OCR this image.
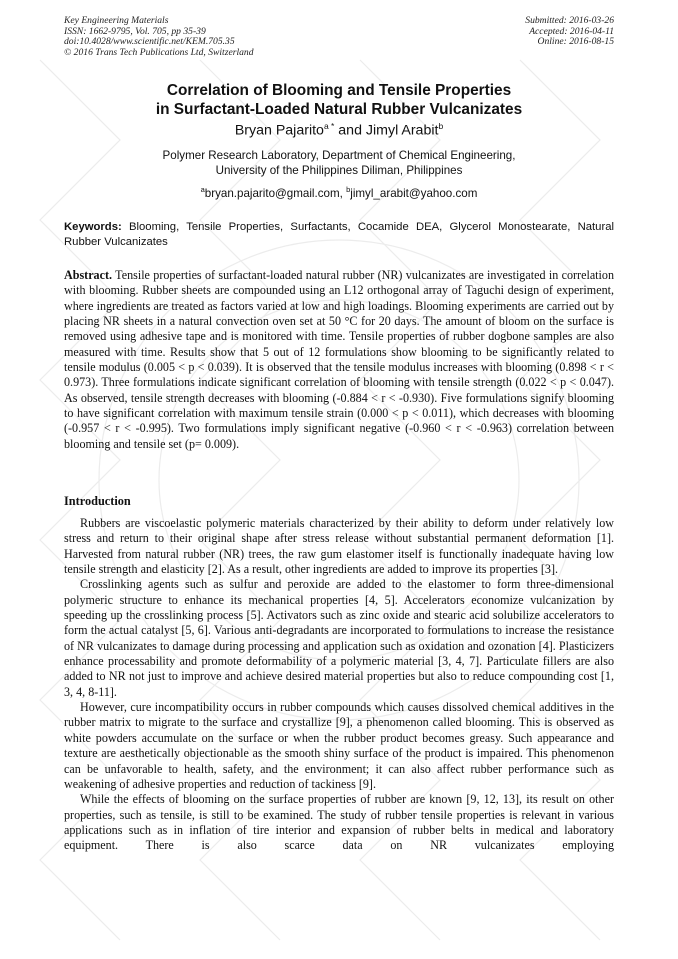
Key Engineering Materials
ISSN: 1662-9795, Vol. 705, pp 35-39
doi:10.4028/www.scientific.net/KEM.705.35
© 2016 Trans Tech Publications Ltd, Switzerland
Submitted: 2016-03-26
Accepted: 2016-04-11
Online: 2016-08-15
Correlation of Blooming and Tensile Properties
in Surfactant-Loaded Natural Rubber Vulcanizates
Bryan Pajarito$^{a *}$ and Jimyl Arabit$^b$
Polymer Research Laboratory, Department of Chemical Engineering,
University of the Philippines Diliman, Philippines
$^a$bryan.pajarito@gmail.com, $^b$jimyl_arabit@yahoo.com
Keywords: Blooming, Tensile Properties, Surfactants, Cocamide DEA, Glycerol Monostearate, Natural Rubber Vulcanizates
Abstract. Tensile properties of surfactant-loaded natural rubber (NR) vulcanizates are investigated in correlation with blooming. Rubber sheets are compounded using an L12 orthogonal array of Taguchi design of experiment, where ingredients are treated as factors varied at low and high loadings. Blooming experiments are carried out by placing NR sheets in a natural convection oven set at 50 °C for 20 days. The amount of bloom on the surface is removed using adhesive tape and is monitored with time. Tensile properties of rubber dogbone samples are also measured with time. Results show that 5 out of 12 formulations show blooming to be significantly related to tensile modulus (0.005 < p < 0.039). It is observed that the tensile modulus increases with blooming (0.898 < r < 0.973). Three formulations indicate significant correlation of blooming with tensile strength (0.022 < p < 0.047). As observed, tensile strength decreases with blooming (-0.884 < r < -0.930). Five formulations signify blooming to have significant correlation with maximum tensile strain (0.000 < p < 0.011), which decreases with blooming (-0.957 < r < -0.995). Two formulations imply significant negative (-0.960 < r < -0.963) correlation between blooming and tensile set (p= 0.009).
Introduction

Rubbers are viscoelastic polymeric materials characterized by their ability to deform under relatively low stress and return to their original shape after stress release without substantial permanent deformation [1]. Harvested from natural rubber (NR) trees, the raw gum elastomer itself is functionally inadequate having low tensile strength and elasticity [2]. As a result, other ingredients are added to improve its properties [3].

Crosslinking agents such as sulfur and peroxide are added to the elastomer to form three-dimensional polymeric structure to enhance its mechanical properties [4, 5]. Accelerators economize vulcanization by speeding up the crosslinking process [5]. Activators such as zinc oxide and stearic acid solubilize accelerators to form the actual catalyst [5, 6]. Various anti-degradants are incorporated to formulations to increase the resistance of NR vulcanizates to damage during processing and application such as oxidation and ozonation [4]. Plasticizers enhance processability and promote deformability of a polymeric material [3, 4, 7]. Particulate fillers are also added to NR not just to improve and achieve desired material properties but also to reduce compounding cost [1, 3, 4, 8-11].

However, cure incompatibility occurs in rubber compounds which causes dissolved chemical additives in the rubber matrix to migrate to the surface and crystallize [9], a phenomenon called blooming. This is observed as white powders accumulate on the surface or when the rubber product becomes greasy. Such appearance and texture are aesthetically objectionable as the smooth shiny surface of the product is impaired. This phenomenon can be unfavorable to health, safety, and the environment; it can also affect rubber performance such as weakening of adhesive properties and reduction of tackiness [9].

While the effects of blooming on the surface properties of rubber are known [9, 12, 13], its result on other properties, such as tensile, is still to be examined. The study of rubber tensile properties is relevant in various applications such as in inflation of tire interior and expansion of rubber belts in medical and laboratory equipment. There is also scarce data on NR vulcanizates employing
